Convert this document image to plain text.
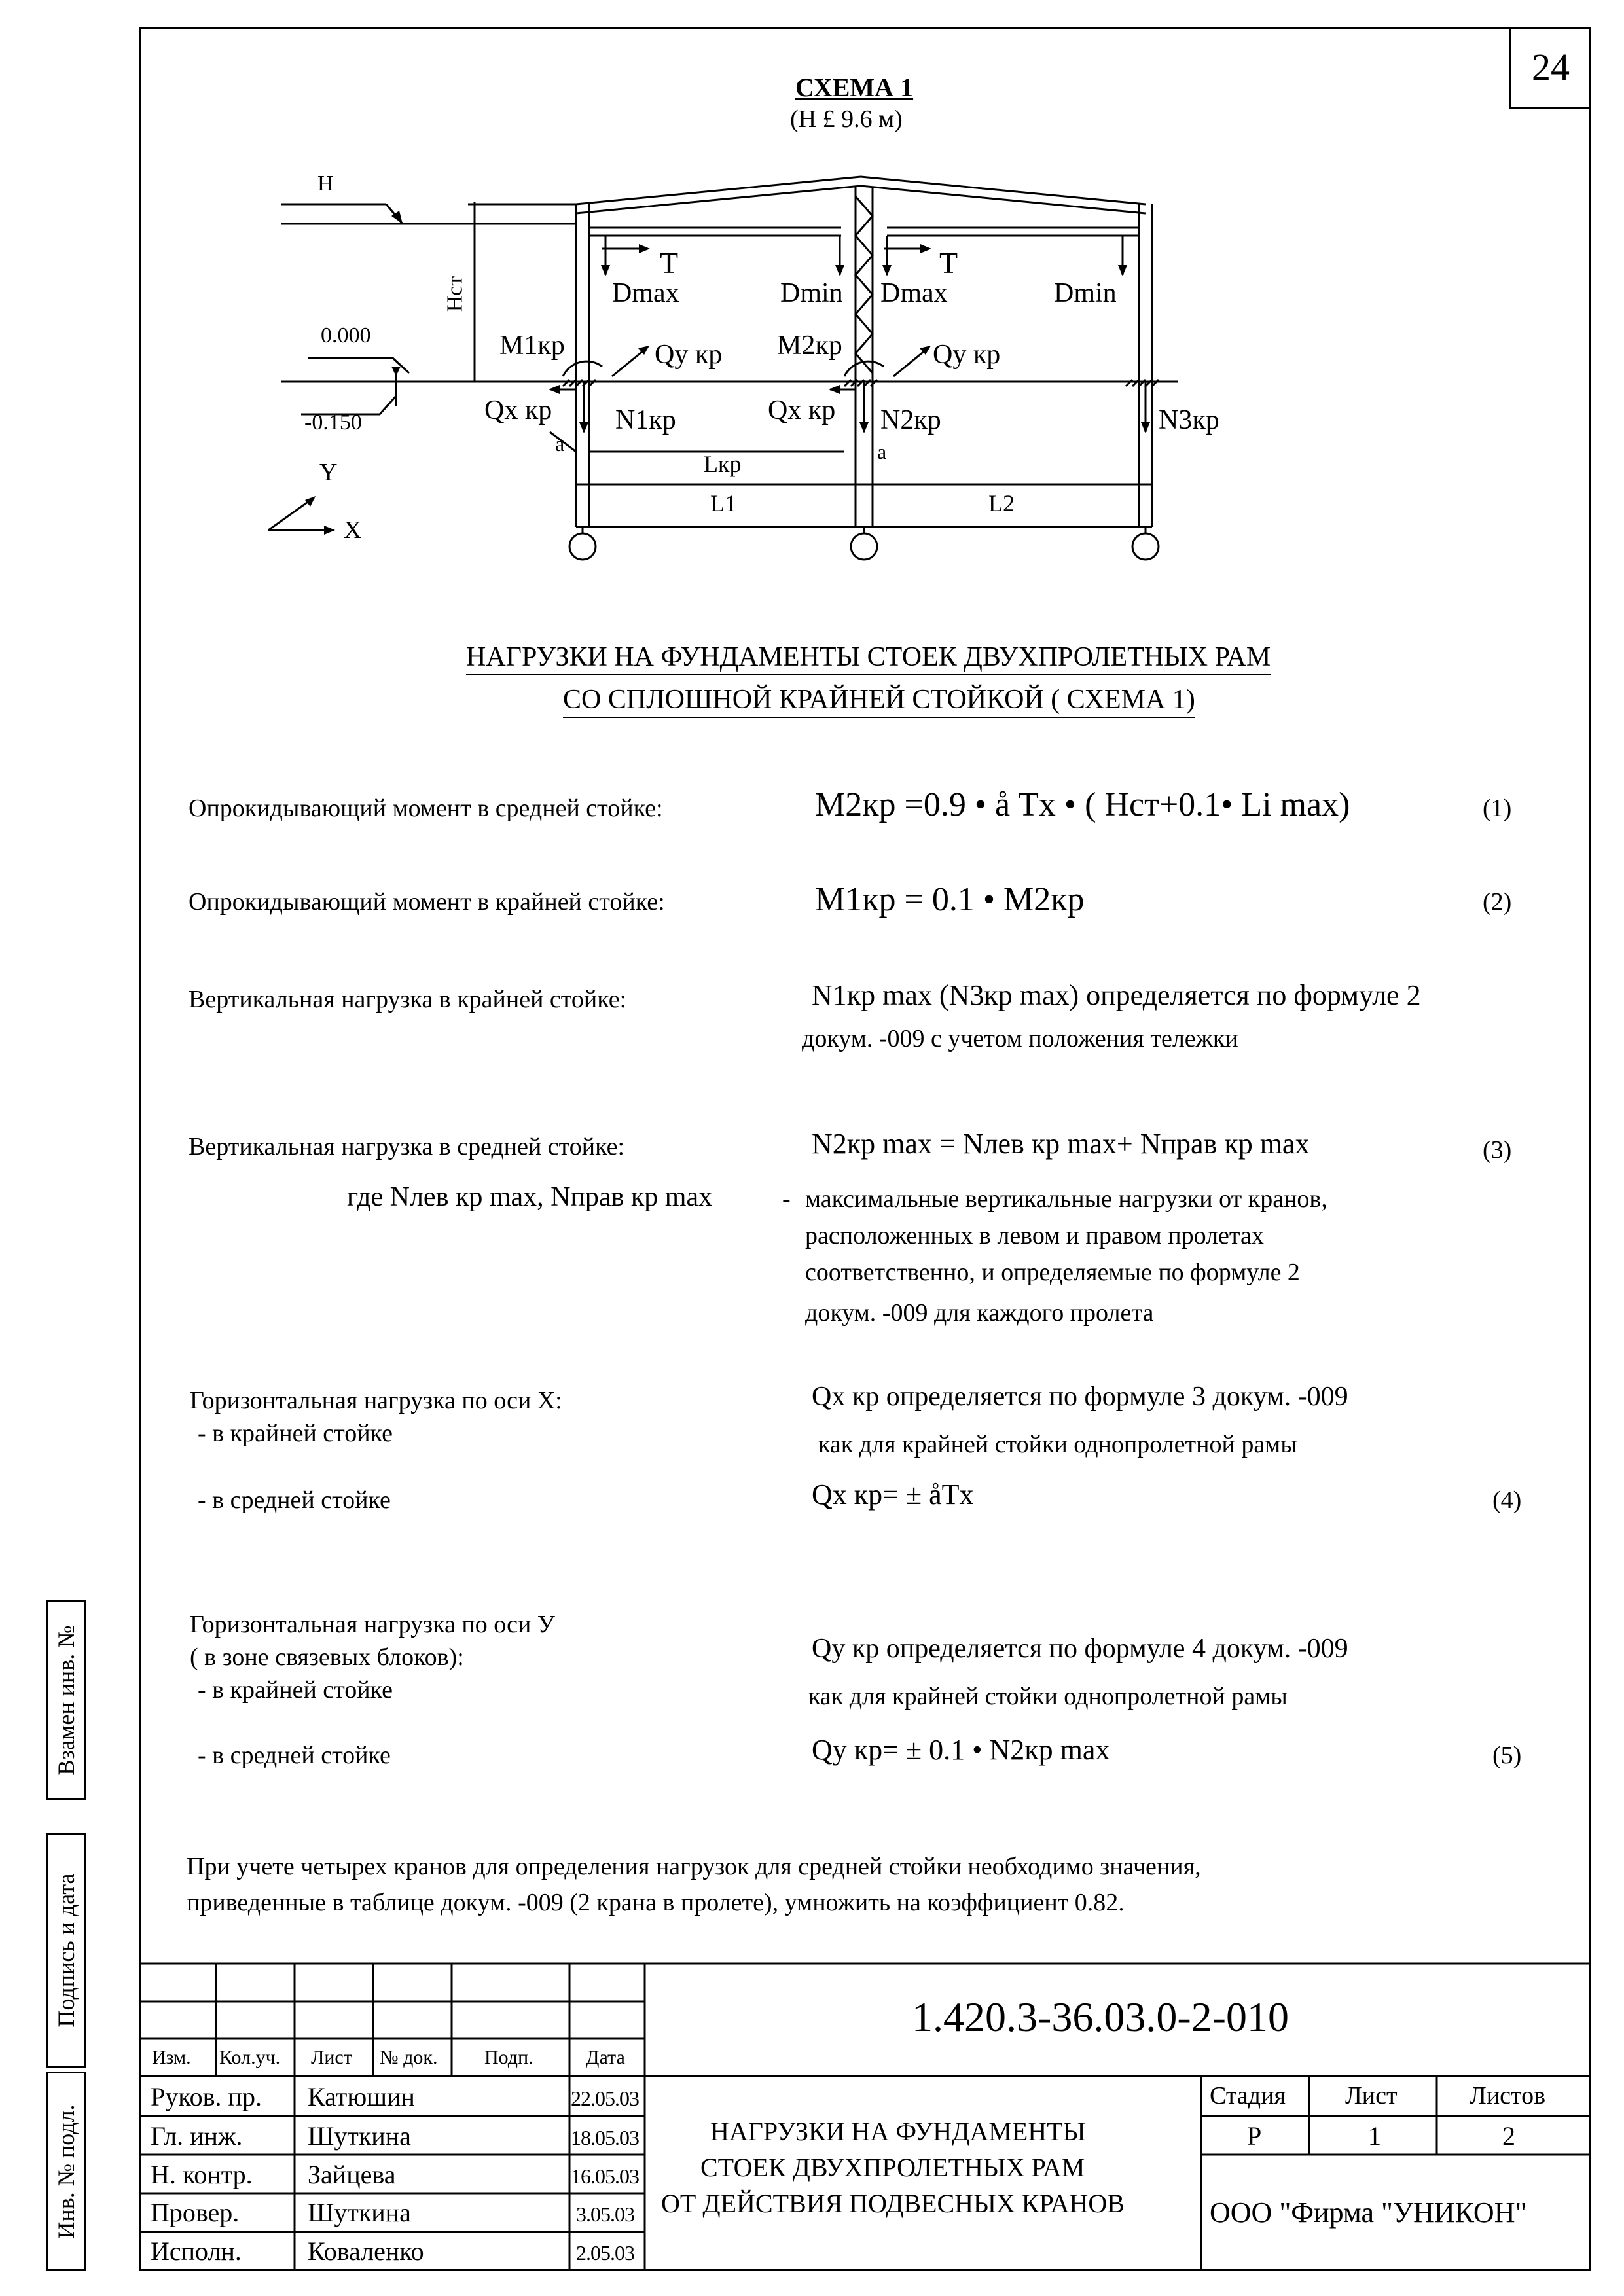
24
Взамен инв. №
Подпись и дата
Инв. № подл.
СХЕМА 1
(Н £ 9.6 м)
Н
Нст
0.000
-0.150
Y
X
T	T
Dmax	Dmin Dmax	Dmin
M1кр	M2кр
Qу кр	Qу кр
Qх кр	Qх кр
N1кр	N2кр	N3кр
a	a
Lкр
L1	L2
НАГРУЗКИ НА ФУНДАМЕНТЫ СТОЕК ДВУХПРОЛЕТНЫХ РАМ
СО СПЛОШНОЙ КРАЙНЕЙ СТОЙКОЙ ( СХЕМА 1)
Опрокидывающий момент в средней стойке:	M2кр =0.9 • å Tx • ( Hст+0.1• Li max)	(1)
Опрокидывающий момент в крайней стойке:	M1кр = 0.1 • M2кр	(2)
Вертикальная нагрузка в крайней стойке:	N1кр max (N3кр max) определяется по формуле 2
докум. -009 с учетом положения тележки
Вертикальная нагрузка в средней стойке:	N2кр max = Nлев кр max+ Nправ кр max	(3)
где Nлев кр max, Nправ кр max	- максимальные вертикальные нагрузки от кранов,
расположенных в левом и правом пролетах
соответственно, и определяемые по формуле 2
докум. -009 для каждого пролета
Горизонтальная нагрузка по оси X:
- в крайней стойке
- в средней стойке
Qх кр определяется по формуле 3 докум. -009
как для крайней стойки однопролетной рамы
Qх кр= ± åTx	(4)
Горизонтальная нагрузка по оси У
( в зоне связевых блоков):
- в крайней стойке
- в средней стойке
Qу кр определяется по формуле 4 докум. -009
как для крайней стойки однопролетной рамы
Qу кр= ± 0.1 • N2кр max	(5)
При учете четырех кранов для определения нагрузок для средней стойки необходимо значения,
приведенные в таблице докум. -009 (2 крана в пролете), умножить на коэффициент 0.82.
Изм. Кол.уч. Лист № док. Подп.	Дата
1.420.3-36.03.0-2-010
Руков. пр. Катюшин	22.05.03
Гл. инж. Шуткина	18.05.03
Н. контр. Зайцева	16.05.03
Провер.	Шуткина	3.05.03
Исполн.	Коваленко	2.05.03
НАГРУЗКИ НА ФУНДАМЕНТЫ
СТОЕК ДВУХПРОЛЕТНЫХ РАМ
ОТ ДЕЙСТВИЯ ПОДВЕСНЫХ КРАНОВ
Стадия Лист	Листов
Р	1	2
ООО "Фирма "УНИКОН"
